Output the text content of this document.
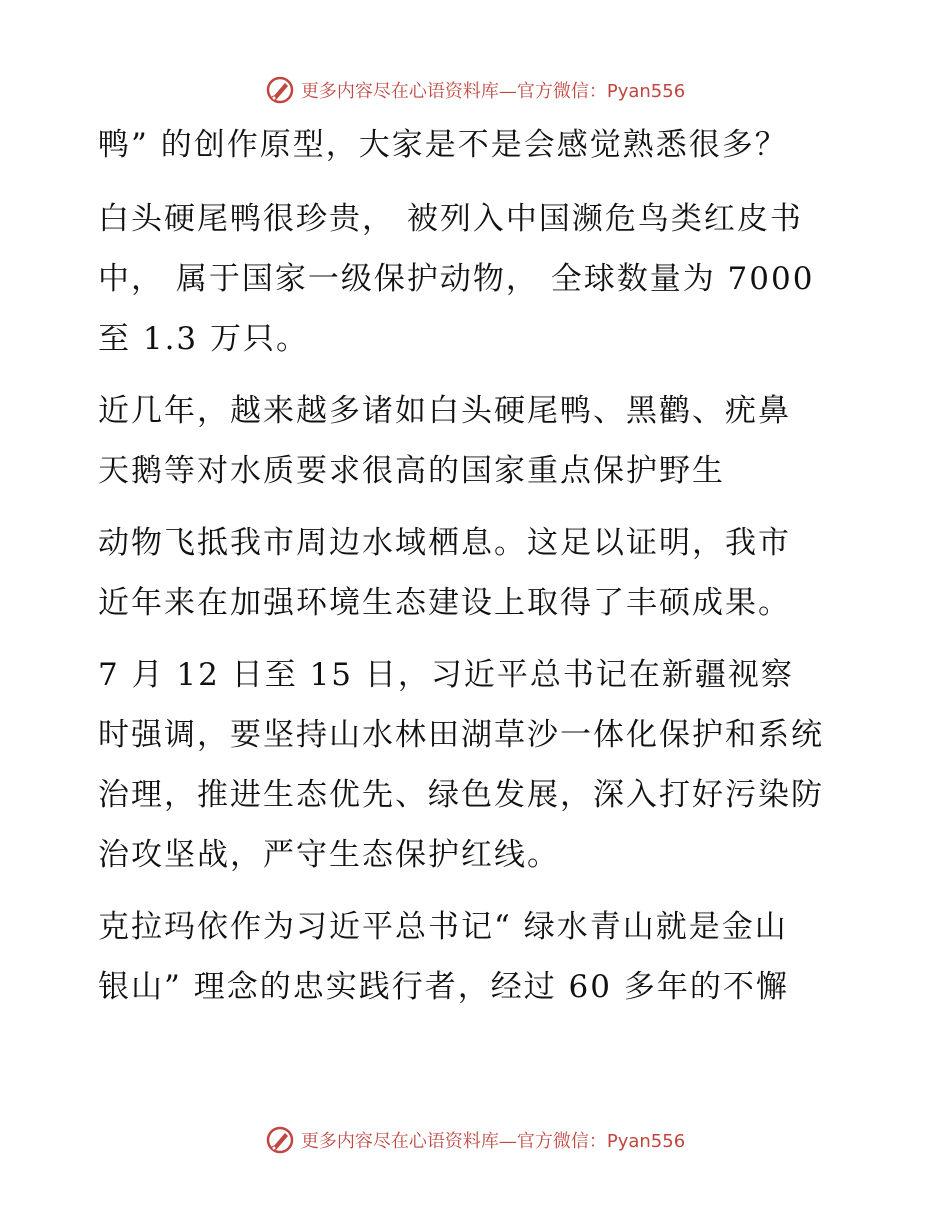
更多内容尽在心语资料库—官方微信：Pyan556
鸭” 的创作原型，大家是不是会感觉熟悉很多？
白头硬尾鸭很珍贵， 被列入中国濒危鸟类红皮书
中， 属于国家一级保护动物， 全球数量为 7000
至 1.3 万只。
近几年，越来越多诸如白头硬尾鸭、黑鹳、疣鼻
天鹅等对水质要求很高的国家重点保护野生
动物飞抵我市周边水域栖息。这足以证明，我市
近年来在加强环境生态建设上取得了丰硕成果。
7 月 12 日至 15 日，习近平总书记在新疆视察
时强调，要坚持山水林田湖草沙一体化保护和系统
治理，推进生态优先、绿色发展，深入打好污染防
治攻坚战，严守生态保护红线。
克拉玛依作为习近平总书记“ 绿水青山就是金山
银山” 理念的忠实践行者，经过 60 多年的不懈
更多内容尽在心语资料库—官方微信：Pyan556
